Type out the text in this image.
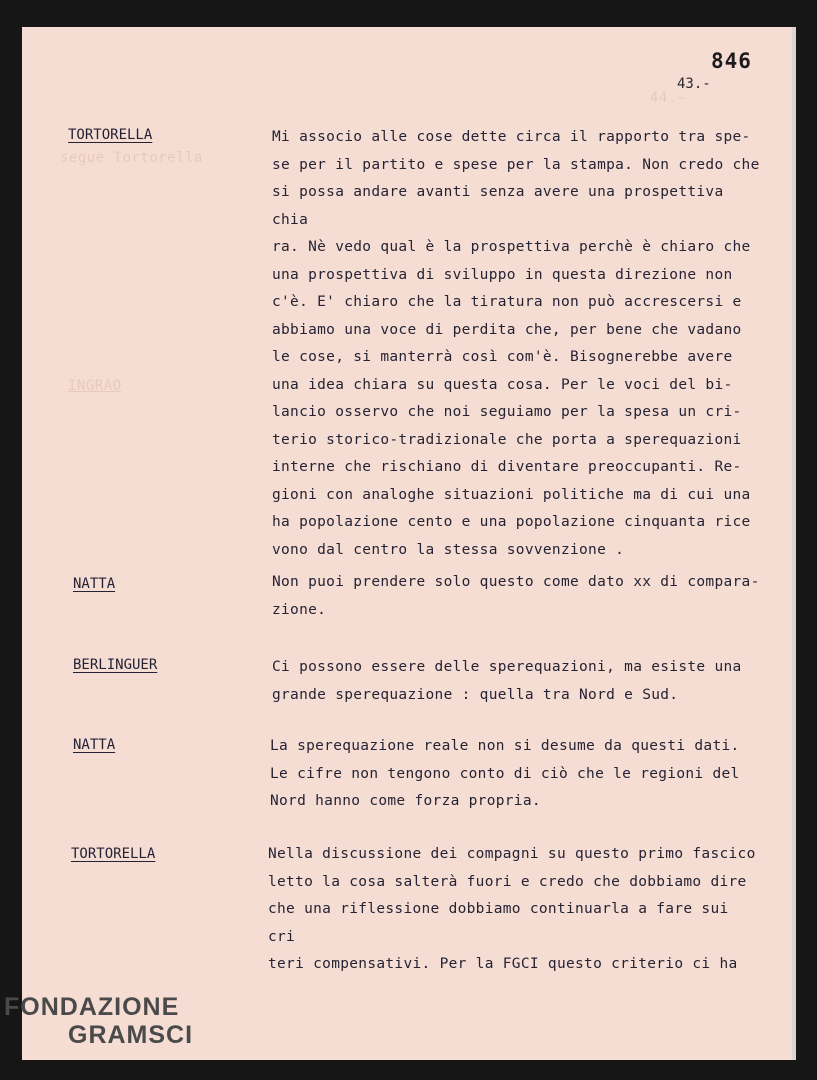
segue Tortorella
INGRAO
44.-
846
43.-
TORTORELLA	Mi associo alle cose dette circa il rapporto tra spe-

se per il partito e spese per la stampa. Non credo che

si possa andare avanti senza avere una prospettiva chia

ra. Nè vedo qual è la prospettiva perchè è chiaro che

una prospettiva di sviluppo in questa direzione non

c'è. E' chiaro che la tiratura non può accrescersi e

abbiamo una voce di perdita che, per bene che vadano

le cose, si manterrà così com'è. Bisognerebbe avere

una idea chiara su questa cosa. Per le voci del bi-

lancio osservo che noi seguiamo per la spesa un cri-

terio storico-tradizionale che porta a sperequazioni

interne che rischiano di diventare preoccupanti. Re-

gioni con analoghe situazioni politiche ma di cui una

ha popolazione cento e una popolazione cinquanta rice

vono dal centro la stessa sovvenzione .

NATTA	Non puoi prendere solo questo come dato xx di compara-

zione.

BERLINGUER	Ci possono essere delle sperequazioni, ma esiste una

grande sperequazione : quella tra Nord e Sud.

NATTA	La sperequazione reale non si desume da questi dati.

Le cifre non tengono conto di ciò che le regioni del

Nord hanno come forza propria.

TORTORELLA	Nella discussione dei compagni su questo primo fascico

letto la cosa salterà fuori e credo che dobbiamo dire

che una riflessione dobbiamo continuarla a fare sui cri

teri compensativi. Per la FGCI questo criterio ci ha

FONDAZIONE
GRAMSCI
